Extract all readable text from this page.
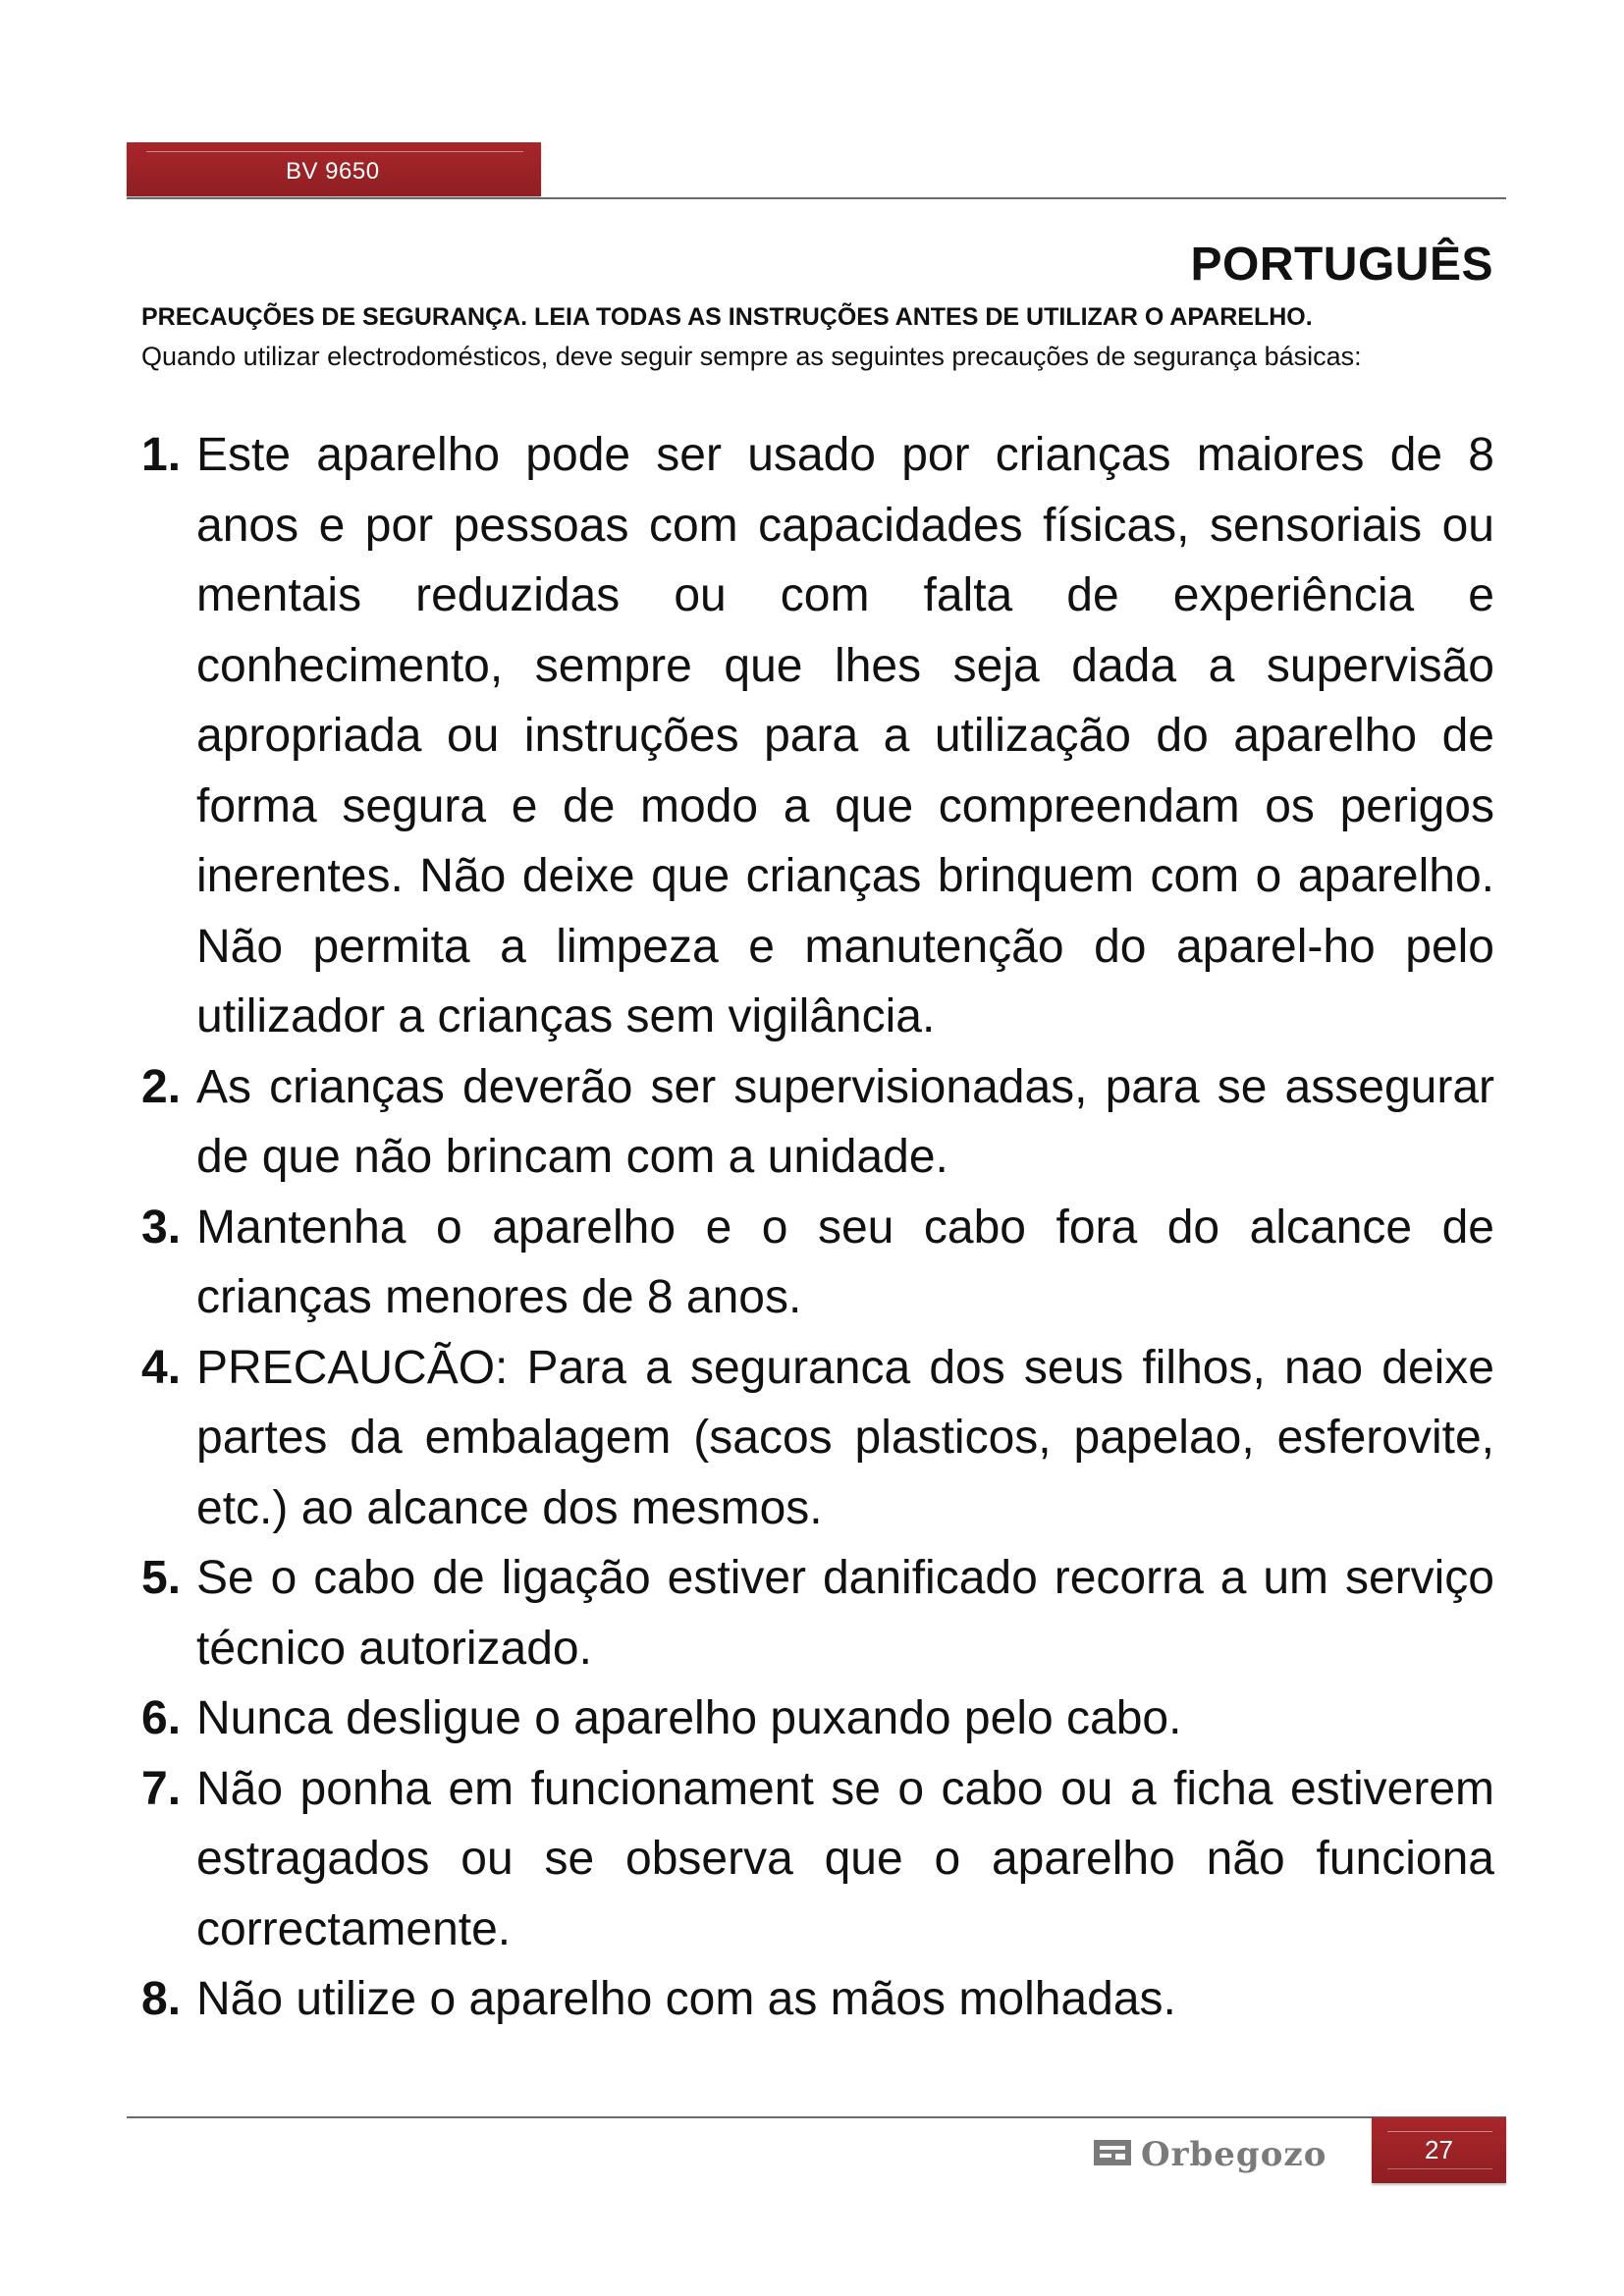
BV 9650
PORTUGUÊS
PRECAUÇÕES DE SEGURANÇA. LEIA TODAS AS INSTRUÇÕES ANTES DE UTILIZAR O APARELHO.
Quando utilizar electrodomésticos, deve seguir sempre as seguintes precauções de segurança básicas:
1. Este aparelho pode ser usado por crianças maiores de 8 anos e por pessoas com capacidades físicas, sensoriais ou mentais reduzidas ou com falta de experiência e conhecimento, sempre que lhes seja dada a supervisão apropriada ou instruções para a utilização do aparelho de forma segura e de modo a que compreendam os perigos inerentes. Não deixe que crianças brinquem com o aparelho. Não permita a limpeza e manutenção do aparel-ho pelo utilizador a crianças sem vigilância.
2. As crianças deverão ser supervisionadas, para se assegurar de que não brincam com a unidade.
3. Mantenha o aparelho e o seu cabo fora do alcance de crianças menores de 8 anos.
4. PRECAUCÃO: Para a seguranca dos seus filhos, nao deixe partes da embalagem (sacos plasticos, papelao, esferovite, etc.) ao alcance dos mesmos.
5. Se o cabo de ligação estiver danificado recorra a um serviço técnico autorizado.
6. Nunca desligue o aparelho puxando pelo cabo.
7. Não ponha em funcionament se o cabo ou a ficha estiverem estragados ou se observa que o aparelho não funciona correctamente.
8. Não utilize o aparelho com as mãos molhadas.
Orbegozo	27
